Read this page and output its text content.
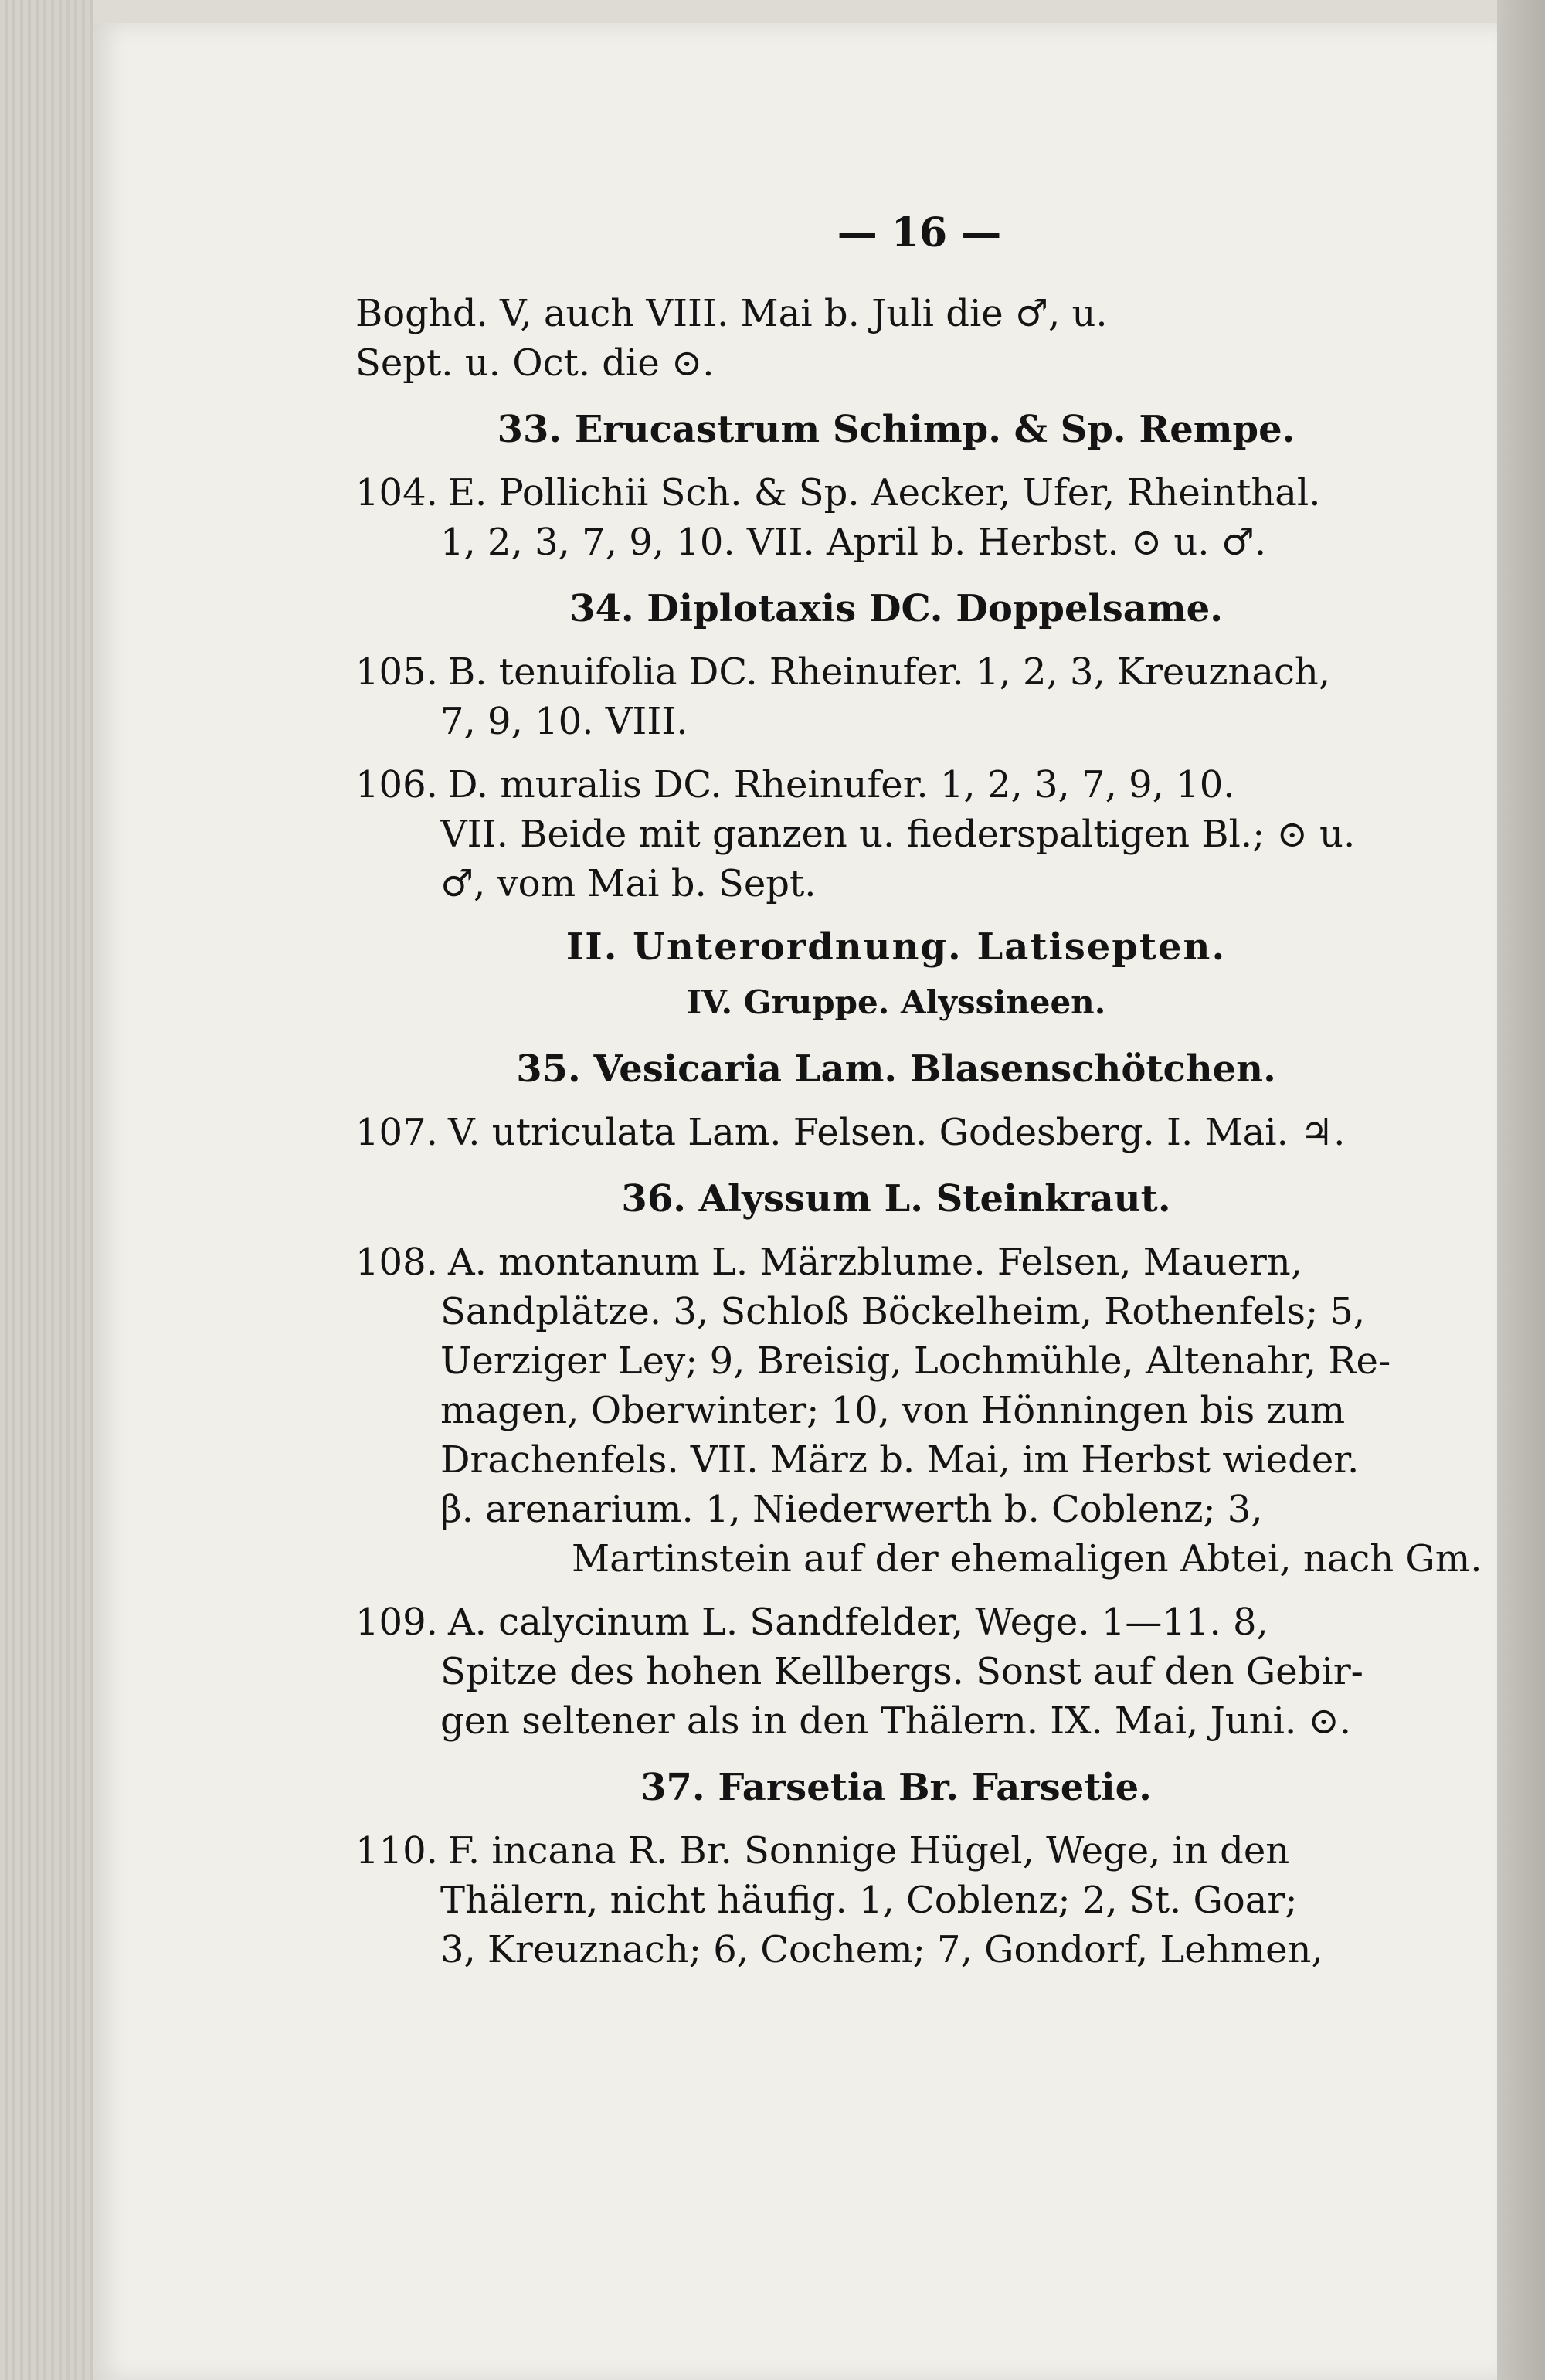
— 16 —
Boghd. V, auch VIII. Mai b. Juli die ♂, u.
Sept. u. Oct. die ⊙.
33. Erucastrum Schimp. & Sp. Rempe.
104. E. Pollichii Sch. & Sp. Aecker, Ufer, Rheinthal.
1, 2, 3, 7, 9, 10. VII. April b. Herbst. ⊙ u. ♂.
34. Diplotaxis DC. Doppelsame.
105. B. tenuifolia DC. Rheinufer. 1, 2, 3, Kreuznach,
7, 9, 10. VIII.
106. D. muralis DC. Rheinufer. 1, 2, 3, 7, 9, 10.
VII. Beide mit ganzen u. fiederspaltigen Bl.; ⊙ u.
♂, vom Mai b. Sept.
II. Unterordnung. Latisepten.
IV. Gruppe. Alyssineen.
35. Vesicaria Lam. Blasenschötchen.
107. V. utriculata Lam. Felsen. Godesberg. I. Mai. ♃.
36. Alyssum L. Steinkraut.
108. A. montanum L. Märzblume. Felsen, Mauern,
Sandplätze. 3, Schloß Böckelheim, Rothenfels; 5,
Uerziger Ley; 9, Breisig, Lochmühle, Altenahr, Re-
magen, Oberwinter; 10, von Hönningen bis zum
Drachenfels. VII. März b. Mai, im Herbst wieder.
β. arenarium. 1, Niederwerth b. Coblenz; 3,
Martinstein auf der ehemaligen Abtei, nach Gm.
109. A. calycinum L. Sandfelder, Wege. 1—11. 8,
Spitze des hohen Kellbergs. Sonst auf den Gebir-
gen seltener als in den Thälern. IX. Mai, Juni. ⊙.
37. Farsetia Br. Farsetie.
110. F. incana R. Br. Sonnige Hügel, Wege, in den
Thälern, nicht häufig. 1, Coblenz; 2, St. Goar;
3, Kreuznach; 6, Cochem; 7, Gondorf, Lehmen,
